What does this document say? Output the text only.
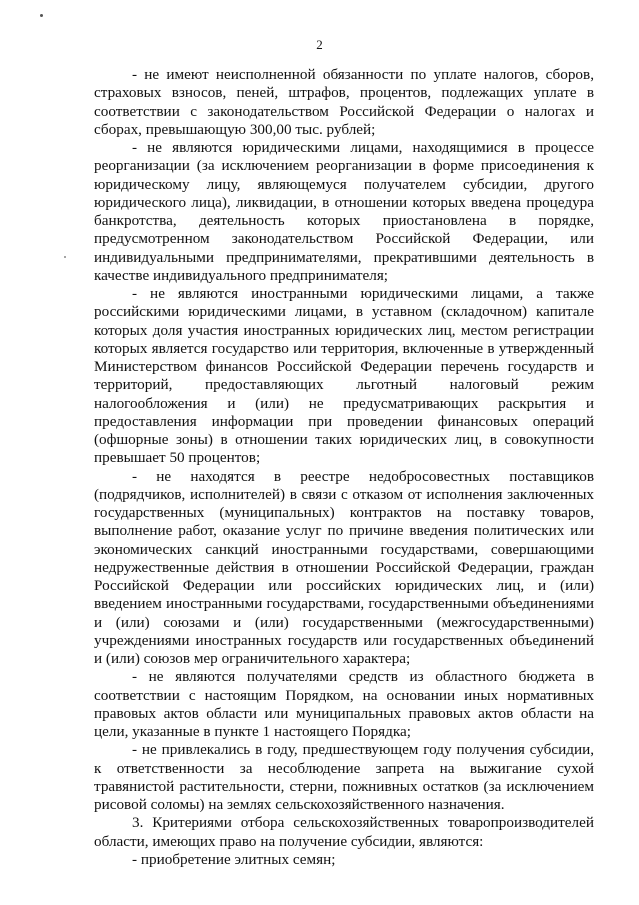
2

- не имеют неисполненной обязанности по уплате налогов, сборов, страховых взносов, пеней, штрафов, процентов, подлежащих уплате в соответствии с законодательством Российской Федерации о налогах и сборах, превышающую 300,00 тыс. рублей;

- не являются юридическими лицами, находящимися в процессе реорганизации (за исключением реорганизации в форме присоединения к юридическому лицу, являющемуся получателем субсидии, другого юридического лица), ликвидации, в отношении которых введена процедура банкротства, деятельность которых приостановлена в порядке, предусмотренном законодательством Российской Федерации, или индивидуальными предпринимателями, прекратившими деятельность в качестве индивидуального предпринимателя;

- не являются иностранными юридическими лицами, а также российскими юридическими лицами, в уставном (складочном) капитале которых доля участия иностранных юридических лиц, местом регистрации которых является государство или территория, включенные в утвержденный Министерством финансов Российской Федерации перечень государств и территорий, предоставляющих льготный налоговый режим налогообложения и (или) не предусматривающих раскрытия и предоставления информации при проведении финансовых операций (офшорные зоны) в отношении таких юридических лиц, в совокупности превышает 50 процентов;

- не находятся в реестре недобросовестных поставщиков (подрядчиков, исполнителей) в связи с отказом от исполнения заключенных государственных (муниципальных) контрактов на поставку товаров, выполнение работ, оказание услуг по причине введения политических или экономических санкций иностранными государствами, совершающими недружественные действия в отношении Российской Федерации, граждан Российской Федерации или российских юридических лиц, и (или) введением иностранными государствами, государственными объединениями и (или) союзами и (или) государственными (межгосударственными) учреждениями иностранных государств или государственных объединений и (или) союзов мер ограничительного характера;

- не являются получателями средств из областного бюджета в соответствии с настоящим Порядком, на основании иных нормативных правовых актов области или муниципальных правовых актов области на цели, указанные в пункте 1 настоящего Порядка;

- не привлекались в году, предшествующем году получения субсидии, к ответственности за несоблюдение запрета на выжигание сухой травянистой растительности, стерни, пожнивных остатков (за исключением рисовой соломы) на землях сельскохозяйственного назначения.

3. Критериями отбора сельскохозяйственных товаропроизводителей области, имеющих право на получение субсидии, являются:

- приобретение элитных семян;
